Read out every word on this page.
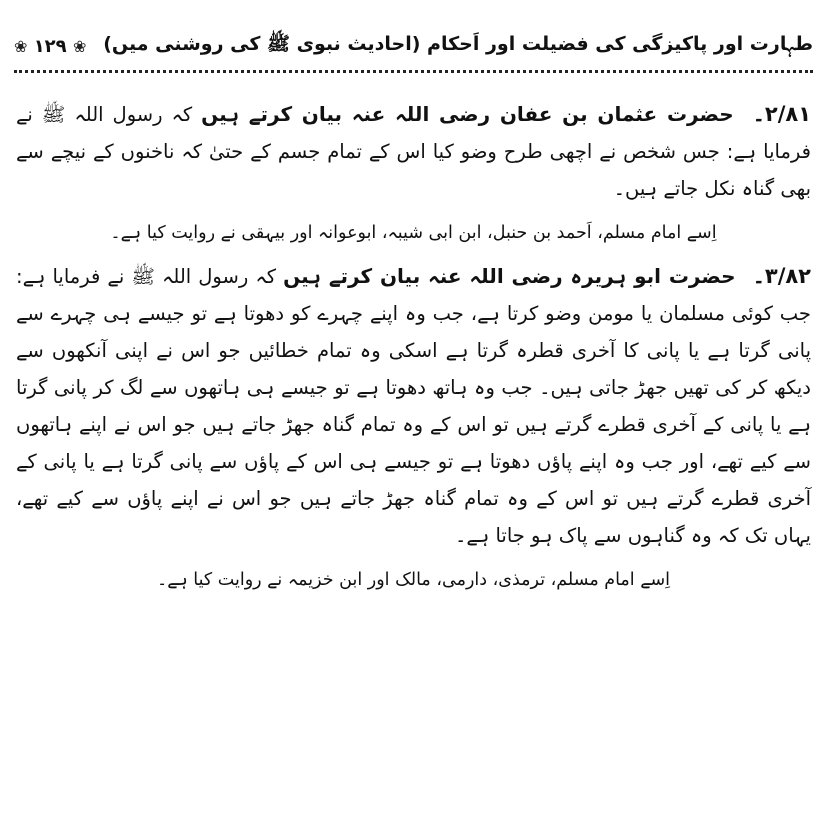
طہارت اور پاکیزگی کی فضیلت اور اَحکام (احادیث نبوی ﷺ کی روشنی میں)
❀ ١٢٩ ❀

٢/٨١۔ حضرت عثمان بن عفان رضی اللہ عنہ بیان کرتے ہیں کہ رسول اللہ ﷺ نے فرمایا ہے: جس شخص نے اچھی طرح وضو کیا اس کے تمام جسم کے حتیٰ کہ ناخنوں کے نیچے سے بھی گناہ نکل جاتے ہیں۔

اِسے امام مسلم، اَحمد بن حنبل، ابن ابی شیبہ، ابوعوانہ اور بیہقی نے روایت کیا ہے۔

٣/٨٢۔ حضرت ابو ہریرہ رضی اللہ عنہ بیان کرتے ہیں کہ رسول اللہ ﷺ نے فرمایا ہے: جب کوئی مسلمان یا مومن وضو کرتا ہے، جب وہ اپنے چہرے کو دھوتا ہے تو جیسے ہی چہرے سے پانی گرتا ہے یا پانی کا آخری قطرہ گرتا ہے اسکی وہ تمام خطائیں جو اس نے اپنی آنکھوں سے دیکھ کر کی تھیں جھڑ جاتی ہیں۔ جب وہ ہاتھ دھوتا ہے تو جیسے ہی ہاتھوں سے لگ کر پانی گرتا ہے یا پانی کے آخری قطرے گرتے ہیں تو اس کے وہ تمام گناہ جھڑ جاتے ہیں جو اس نے اپنے ہاتھوں سے کیے تھے، اور جب وہ اپنے پاؤں دھوتا ہے تو جیسے ہی اس کے پاؤں سے پانی گرتا ہے یا پانی کے آخری قطرے گرتے ہیں تو اس کے وہ تمام گناہ جھڑ جاتے ہیں جو اس نے اپنے پاؤں سے کیے تھے، یہاں تک کہ وہ گناہوں سے پاک ہو جاتا ہے۔

اِسے امام مسلم، ترمذی، دارمی، مالک اور ابن خزیمہ نے روایت کیا ہے۔
